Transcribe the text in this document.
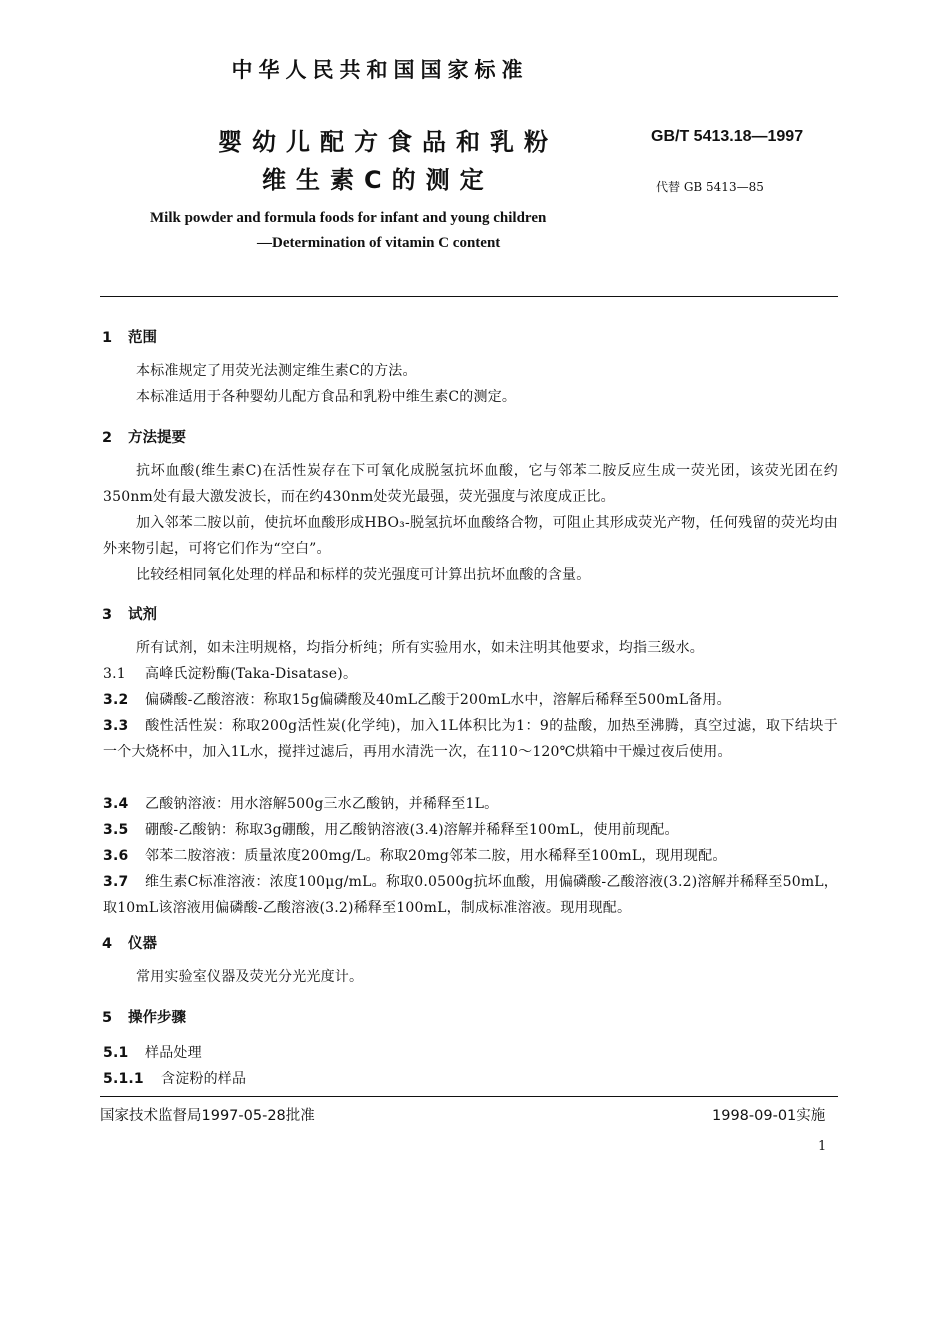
中华人民共和国国家标准
婴幼儿配方食品和乳粉
维生素C的测定
GB/T 5413.18—1997
代替 GB 5413—85
Milk powder and formula foods for infant and young children
—Determination of vitamin C content
1 范围
本标准规定了用荧光法测定维生素C的方法。
本标准适用于各种婴幼儿配方食品和乳粉中维生素C的测定。
2 方法提要
抗坏血酸(维生素C)在活性炭存在下可氧化成脱氢抗坏血酸，它与邻苯二胺反应生成一荧光团，该荧光团在约350nm处有最大激发波长，而在约430nm处荧光最强，荧光强度与浓度成正比。
加入邻苯二胺以前，使抗坏血酸形成HBO₃-脱氢抗坏血酸络合物，可阻止其形成荧光产物，任何残留的荧光均由外来物引起，可将它们作为“空白”。
比较经相同氧化处理的样品和标样的荧光强度可计算出抗坏血酸的含量。
3 试剂
所有试剂，如未注明规格，均指分析纯；所有实验用水，如未注明其他要求，均指三级水。
3.1 高峰氏淀粉酶(Taka-Disatase)。
3.2 偏磷酸-乙酸溶液：称取15g偏磷酸及40mL乙酸于200mL水中，溶解后稀释至500mL备用。
3.3 酸性活性炭：称取200g活性炭(化学纯)，加入1L体积比为1：9的盐酸，加热至沸腾，真空过滤，取下结块于一个大烧杯中，加入1L水，搅拌过滤后，再用水清洗一次，在110～120℃烘箱中干燥过夜后使用。
3.4 乙酸钠溶液：用水溶解500g三水乙酸钠，并稀释至1L。
3.5 硼酸-乙酸钠：称取3g硼酸，用乙酸钠溶液(3.4)溶解并稀释至100mL，使用前现配。
3.6 邻苯二胺溶液：质量浓度200mg/L。称取20mg邻苯二胺，用水稀释至100mL，现用现配。
3.7 维生素C标准溶液：浓度100μg/mL。称取0.0500g抗坏血酸，用偏磷酸-乙酸溶液(3.2)溶解并稀释至50mL，取10mL该溶液用偏磷酸-乙酸溶液(3.2)稀释至100mL，制成标准溶液。现用现配。
4 仪器
常用实验室仪器及荧光分光光度计。
5 操作步骤
5.1 样品处理
5.1.1 含淀粉的样品
国家技术监督局1997-05-28批准	1998-09-01实施
1
